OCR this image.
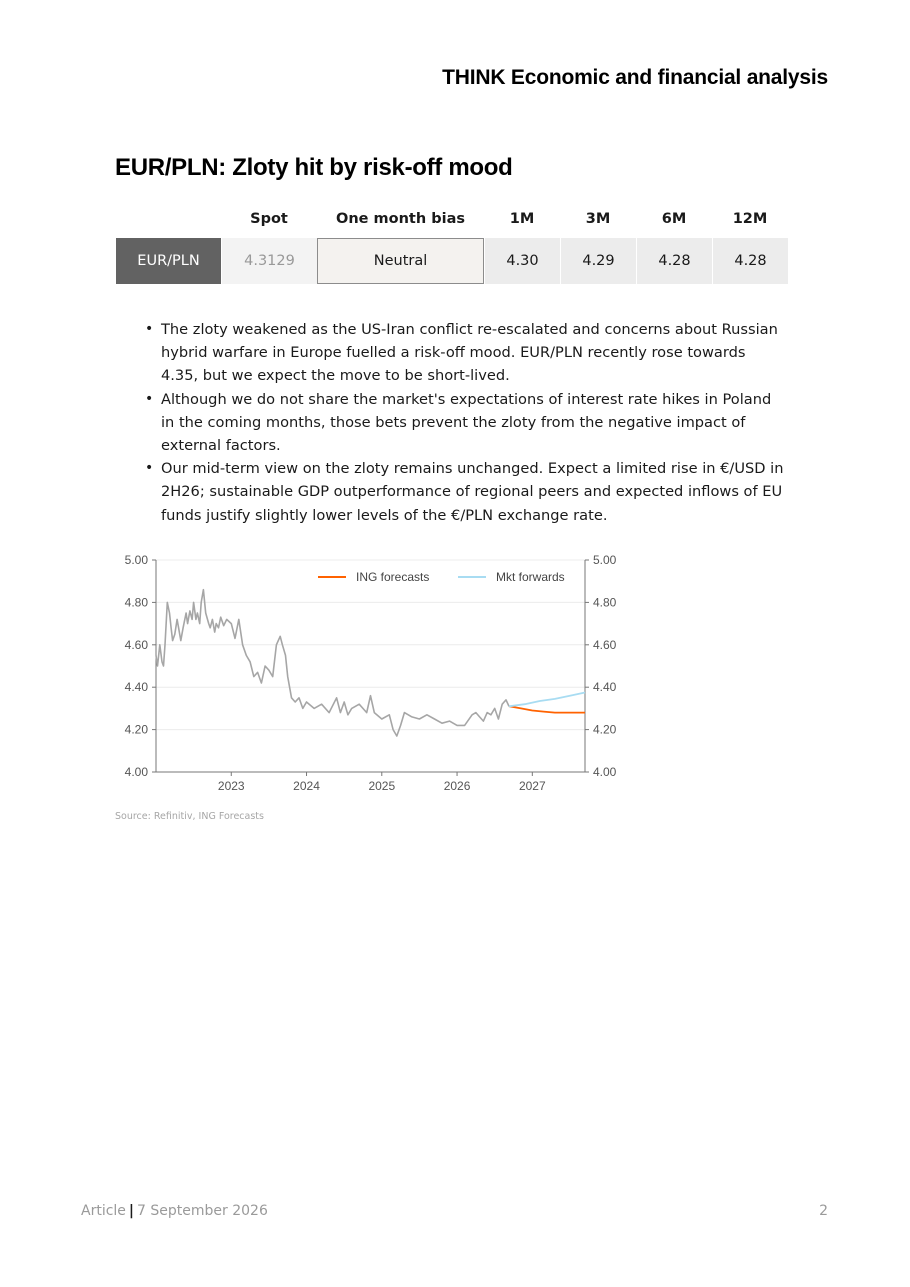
THINK Economic and financial analysis
EUR/PLN: Zloty hit by risk-off mood
	Spot	One month bias	1M	3M	6M	12M
EUR/PLN	4.3129	Neutral	4.30	4.29	4.28	4.28
• The zloty weakened as the US-Iran conflict re-escalated and concerns about Russian hybrid warfare in Europe fuelled a risk-off mood. EUR/PLN recently rose towards 4.35, but we expect the move to be short-lived.
• Although we do not share the market's expectations of interest rate hikes in Poland in the coming months, those bets prevent the zloty from the negative impact of external factors.
• Our mid-term view on the zloty remains unchanged. Expect a limited rise in €/USD in 2H26; sustainable GDP outperformance of regional peers and expected inflows of EU funds justify slightly lower levels of the €/PLN exchange rate.
5.00	5.00
4.80	4.80
4.60	4.60
4.40	4.40
4.20	4.20
4.00	4.00
2023	2024	2025	2026	2027
ING forecasts	Mkt forwards
Source: Refinitiv, ING Forecasts
Article | 7 September 2026	2
